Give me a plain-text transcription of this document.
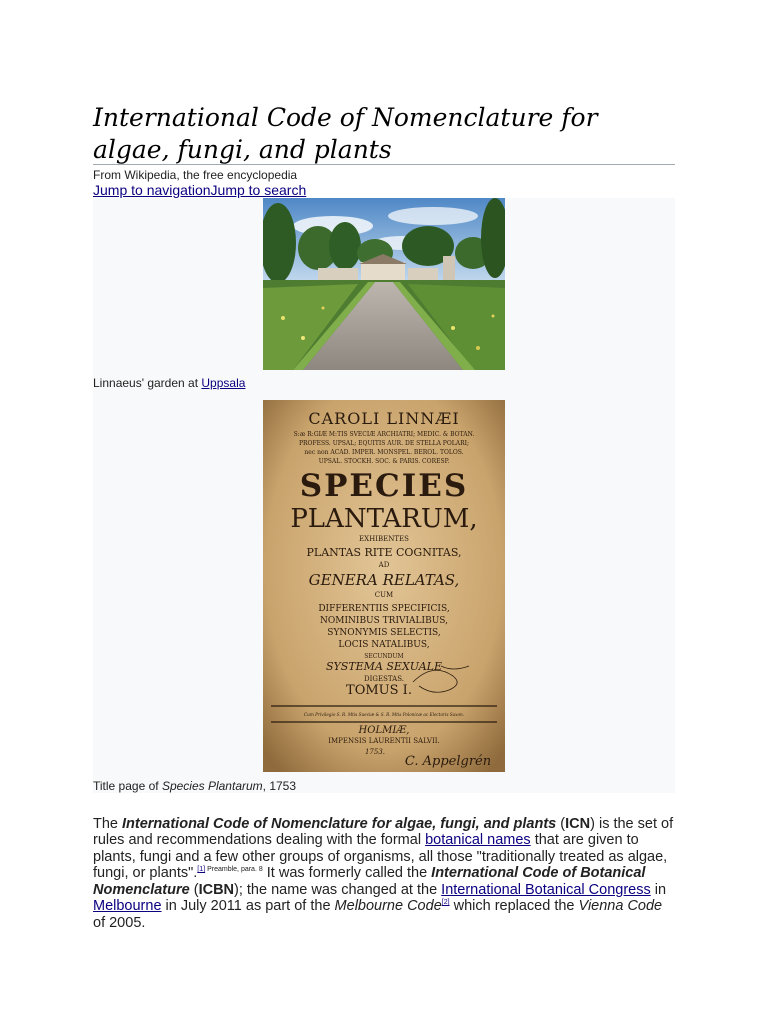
International Code of Nomenclature for algae, fungi, and plants
From Wikipedia, the free encyclopedia
Jump to navigationJump to search
Linnaeus' garden at Uppsala
CAROLI LINNÆI
S:æ R:GIÆ M:TIS SVECIÆ ARCHIATRI; MEDIC. & BOTAN.
PROFESS. UPSAL; EQUITIS AUR. DE STELLA POLARI;
nec non ACAD. IMPER. MONSPEL. BEROL. TOLOS.
UPSAL. STOCKH. SOC. & PARIS. CORESP.
SPECIES
PLANTARUM,
EXHIBENTES
PLANTAS RITE COGNITAS,
AD
GENERA RELATAS,
CUM
DIFFERENTIIS SPECIFICIS,
NOMINIBUS TRIVIALIBUS,
SYNONYMIS SELECTIS,
LOCIS NATALIBUS,
SECUNDUM
SYSTEMA SEXUALE
DIGESTAS.
TOMUS I.
Cum Privilegio S. R. Mtis Sueciæ & S. R. Mtis Polonicæ ac Electoris Saxon.
HOLMIÆ,
IMPENSIS LAURENTII SALVII.
1753.
C. Appelgrén
Title page of Species Plantarum, 1753

The International Code of Nomenclature for algae, fungi, and plants (ICN) is the set of rules and recommendations dealing with the formal botanical names that are given to plants, fungi and a few other groups of organisms, all those "traditionally treated as algae, fungi, or plants".$^{[1] Preamble, para. 8}$ It was formerly called the International Code of Botanical Nomenclature (ICBN); the name was changed at the International Botanical Congress in Melbourne in July 2011 as part of the Melbourne Code[2] which replaced the Vienna Code of 2005.
